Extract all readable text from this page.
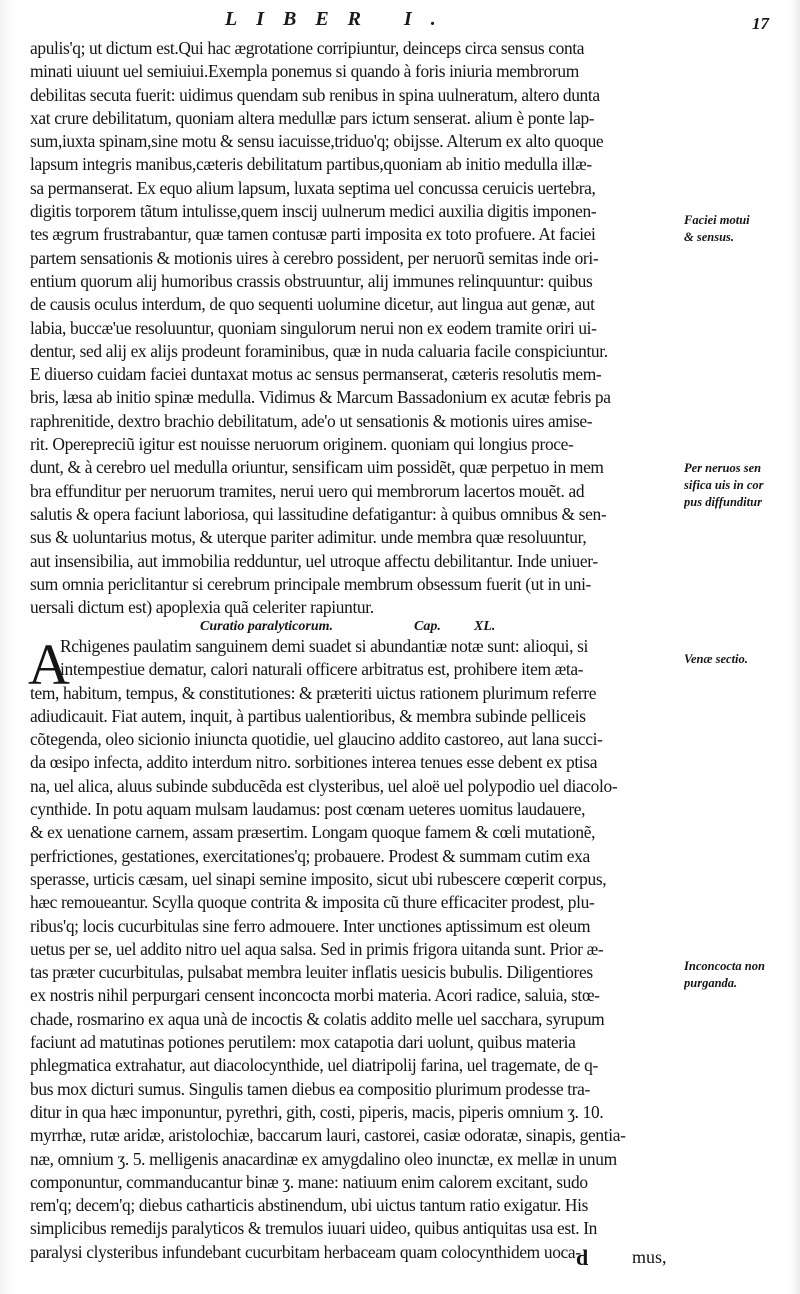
LIBER I.	17
apulis'q; ut dictum est.Qui hac ægrotatione corripiuntur, deinceps circa sensus conta
minati uiuunt uel semiuiui.Exempla ponemus si quando à foris iniuria membrorum
debilitas secuta fuerit: uidimus quendam sub renibus in spina uulneratum, altero dunta
xat crure debilitatum, quoniam altera medullæ pars ictum senserat. alium è ponte lap-
sum,iuxta spinam,sine motu & sensu iacuisse,triduo'q; obijsse. Alterum ex alto quoque
lapsum integris manibus,cæteris debilitatum partibus,quoniam ab initio medulla illæ-
sa permanserat. Ex equo alium lapsum, luxata septima uel concussa ceruicis uertebra,
digitis torporem tãtum intulisse,quem inscij uulnerum medici auxilia digitis imponen-
tes ægrum frustrabantur, quæ tamen contusæ parti imposita ex toto profuere. At faciei
partem sensationis & motionis uires à cerebro possident, per neruorũ semitas inde ori-
entium quorum alij humoribus crassis obstruuntur, alij immunes relinquuntur: quibus
de causis oculus interdum, de quo sequenti uolumine dicetur, aut lingua aut genæ, aut
labia, buccæ'ue resoluuntur, quoniam singulorum nerui non ex eodem tramite oriri ui-
dentur, sed alij ex alijs prodeunt foraminibus, quæ in nuda caluaria facile conspiciuntur.
E diuerso cuidam faciei duntaxat motus ac sensus permanserat, cæteris resolutis mem-
bris, læsa ab initio spinæ medulla. Vidimus & Marcum Bassadonium ex acutæ febris pa
raphrenitide, dextro brachio debilitatum, ade'o ut sensationis & motionis uires amise-
rit. Operepreciũ igitur est nouisse neruorum originem. quoniam qui longius proce-
dunt, & à cerebro uel medulla oriuntur, sensificam uim possidẽt, quæ perpetuo in mem
bra effunditur per neruorum tramites, nerui uero qui membrorum lacertos mouẽt. ad
salutis & opera faciunt laboriosa, qui lassitudine defatigantur: à quibus omnibus & sen-
sus & uoluntarius motus, & uterque pariter adimitur. unde membra quæ resoluuntur,
aut insensibilia, aut immobilia redduntur, uel utroque affectu debilitantur. Inde uniuer-
sum omnia periclitantur si cerebrum principale membrum obsessum fuerit (ut in uni-
uersali dictum est) apoplexia quã celeriter rapiuntur.
Curatio paralyticorum.	Cap. XL.
A
Rchigenes paulatim sanguinem demi suadet si abundantiæ notæ sunt: alioqui, si
intempestiue dematur, calori naturali officere arbitratus est, prohibere item æta-
tem, habitum, tempus, & constitutiones: & præteriti uictus rationem plurimum referre
adiudicauit. Fiat autem, inquit, à partibus ualentioribus, & membra subinde pelliceis
cõtegenda, oleo sicionio iniuncta quotidie, uel glaucino addito castoreo, aut lana succi-
da œsipo infecta, addito interdum nitro. sorbitiones interea tenues esse debent ex ptisa
na, uel alica, aluus subinde subducẽda est clysteribus, uel aloë uel polypodio uel diacolo-
cynthide. In potu aquam mulsam laudamus: post cœnam ueteres uomitus laudauere,
& ex uenatione carnem, assam præsertim. Longam quoque famem & cœli mutationẽ,
perfrictiones, gestationes, exercitationes'q; probauere. Prodest & summam cutim exa
sperasse, urticis cæsam, uel sinapi semine imposito, sicut ubi rubescere cœperit corpus,
hæc remoueantur. Scylla quoque contrita & imposita cũ thure efficaciter prodest, plu-
ribus'q; locis cucurbitulas sine ferro admouere. Inter unctiones aptissimum est oleum
uetus per se, uel addito nitro uel aqua salsa. Sed in primis frigora uitanda sunt. Prior æ-
tas præter cucurbitulas, pulsabat membra leuiter inflatis uesicis bubulis. Diligentiores
ex nostris nihil perpurgari censent inconcocta morbi materia. Acori radice, saluia, stœ-
chade, rosmarino ex aqua unà de incoctis & colatis addito melle uel sacchara, syrupum
faciunt ad matutinas potiones perutilem: mox catapotia dari uolunt, quibus materia
phlegmatica extrahatur, aut diacolocynthide, uel diatripolij farina, uel tragemate, de q-
bus mox dicturi sumus. Singulis tamen diebus ea compositio plurimum prodesse tra-
ditur in qua hæc imponuntur, pyrethri, gith, costi, piperis, macis, piperis omnium ʒ. 10.
myrrhæ, rutæ aridæ, aristolochiæ, baccarum lauri, castorei, casiæ odoratæ, sinapis, gentia-
næ, omnium ʒ. 5. melligenis anacardinæ ex amygdalino oleo inunctæ, ex mellæ in unum
componuntur, commanducantur binæ ʒ. mane: natiuum enim calorem excitant, sudo
rem'q; decem'q; diebus catharticis abstinendum, ubi uictus tantum ratio exigatur. His
simplicibus remedijs paralyticos & tremulos iuuari uideo, quibus antiquitas usa est. In
paralysi clysteribus infundebant cucurbitam herbaceam quam colocynthidem uoca-
d mus,
Faciei motui
& sensus.
Per neruos sen
sifica uis in cor
pus diffunditur
Venæ sectio.
Inconcocta non
purganda.
